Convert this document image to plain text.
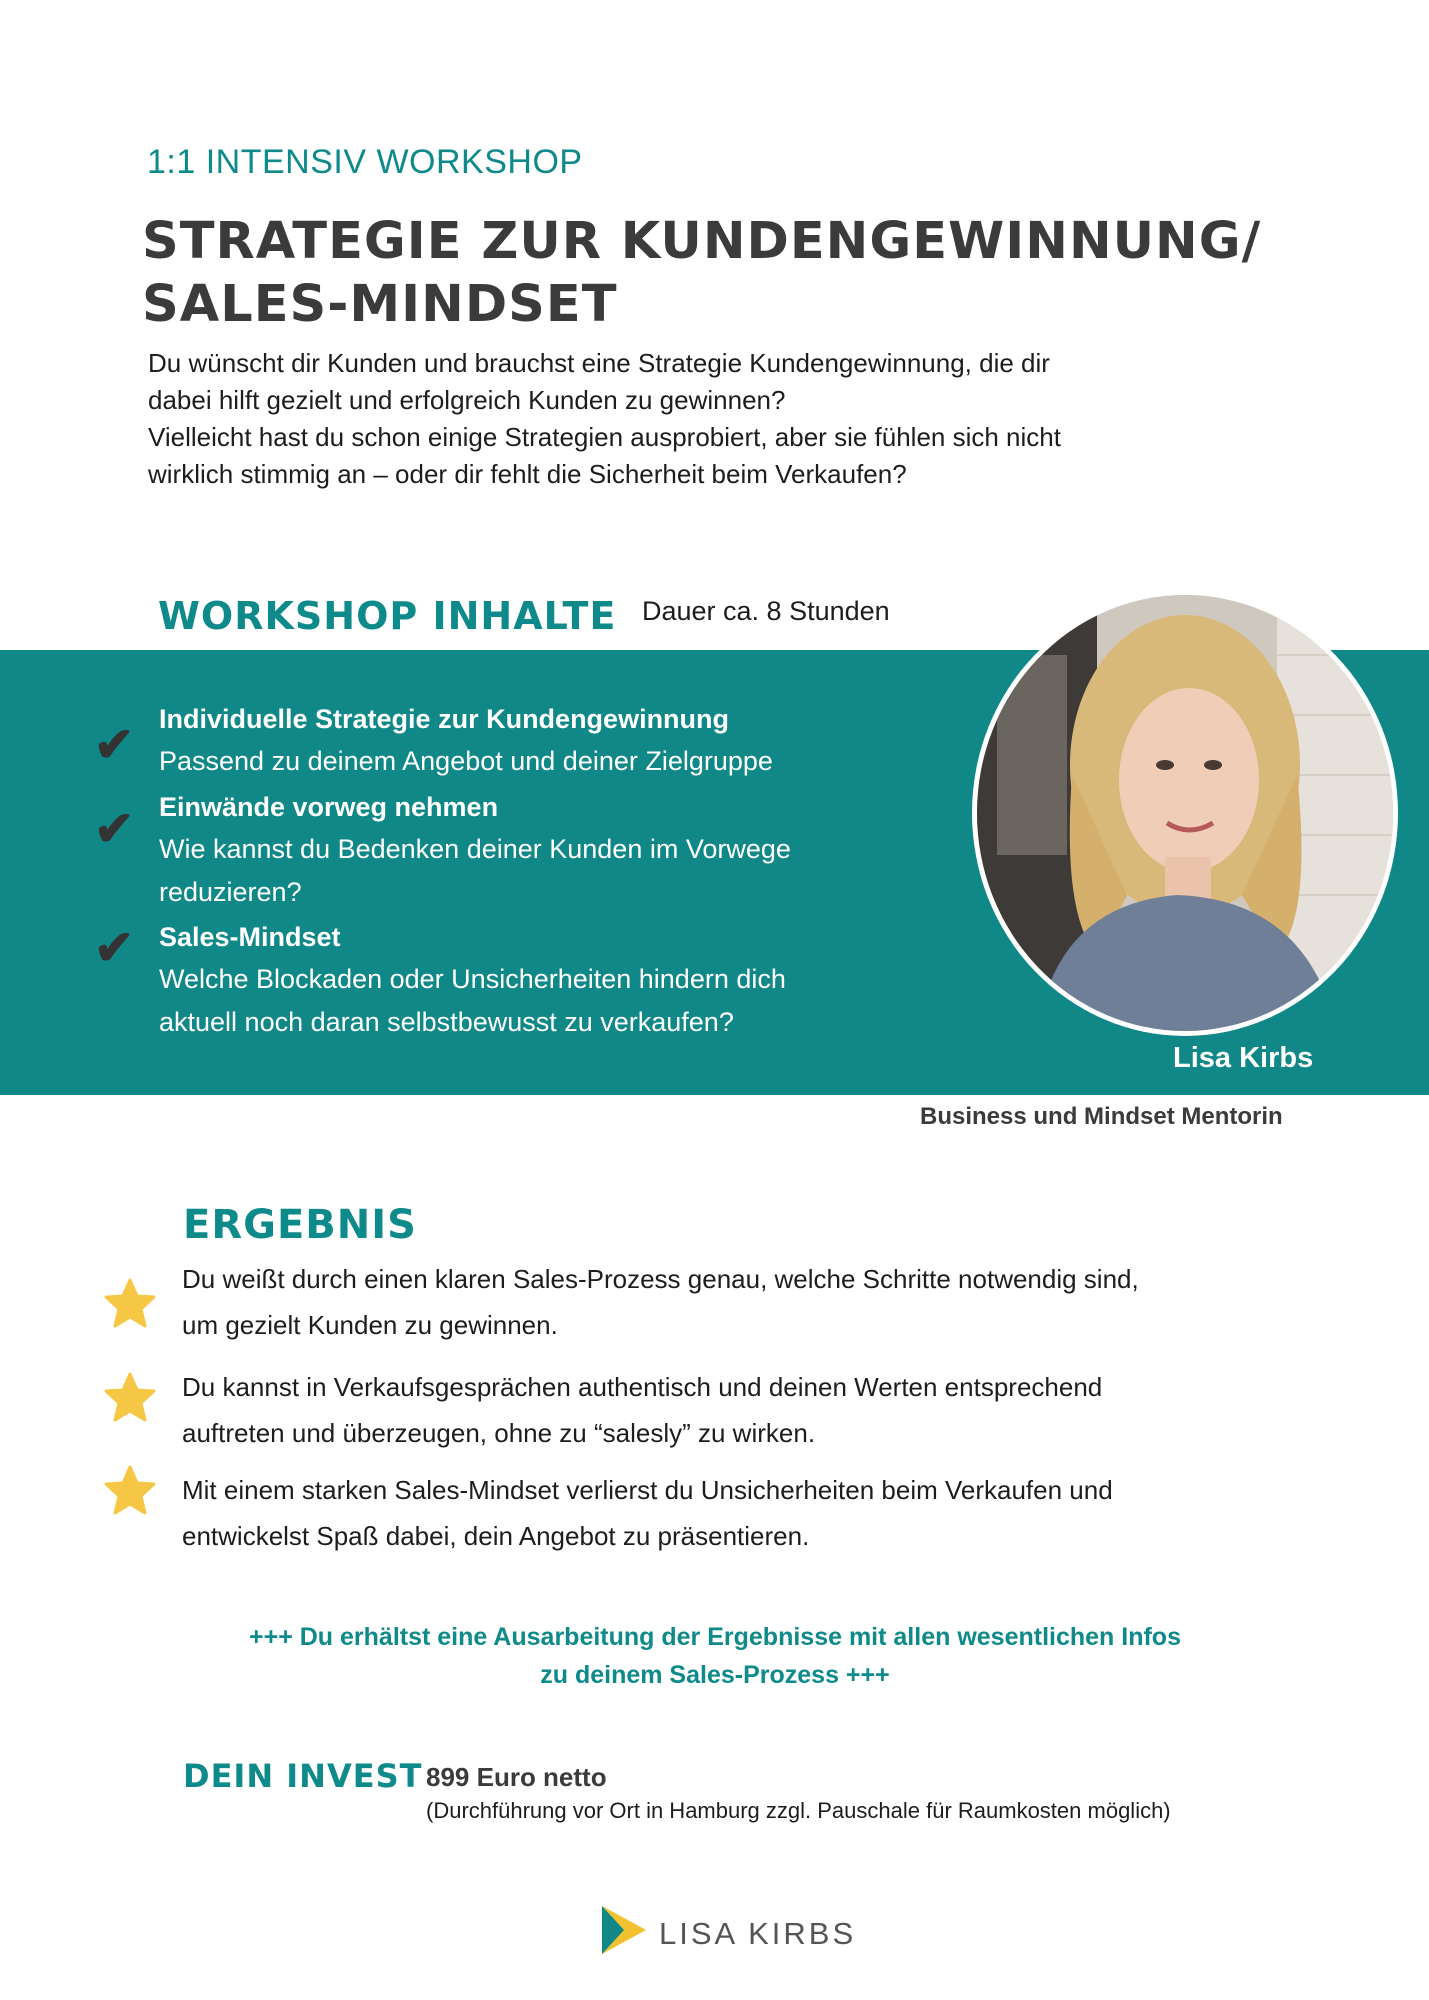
1:1 INTENSIV WORKSHOP
STRATEGIE ZUR KUNDENGEWINNUNG/
SALES-MINDSET
Du wünscht dir Kunden und brauchst eine Strategie Kundengewinnung, die dir
dabei hilft gezielt und erfolgreich Kunden zu gewinnen?
Vielleicht hast du schon einige Strategien ausprobiert, aber sie fühlen sich nicht
wirklich stimmig an – oder dir fehlt die Sicherheit beim Verkaufen?
WORKSHOP INHALTE Dauer ca. 8 Stunden
✔ Individuelle Strategie zur Kundengewinnung
Passend zu deinem Angebot und deiner Zielgruppe
✔ Einwände vorweg nehmen
Wie kannst du Bedenken deiner Kunden im Vorwege
reduzieren?
✔ Sales-Mindset
Welche Blockaden oder Unsicherheiten hindern dich
aktuell noch daran selbstbewusst zu verkaufen?
Lisa Kirbs
Business und Mindset Mentorin
ERGEBNIS
Du weißt durch einen klaren Sales-Prozess genau, welche Schritte notwendig sind,
um gezielt Kunden zu gewinnen.
Du kannst in Verkaufsgesprächen authentisch und deinen Werten entsprechend
auftreten und überzeugen, ohne zu “salesly” zu wirken.
Mit einem starken Sales-Mindset verlierst du Unsicherheiten beim Verkaufen und
entwickelst Spaß dabei, dein Angebot zu präsentieren.
+++ Du erhältst eine Ausarbeitung der Ergebnisse mit allen wesentlichen Infos
zu deinem Sales-Prozess +++
DEIN INVEST 899 Euro netto
(Durchführung vor Ort in Hamburg zzgl. Pauschale für Raumkosten möglich)
LISA KIRBS
